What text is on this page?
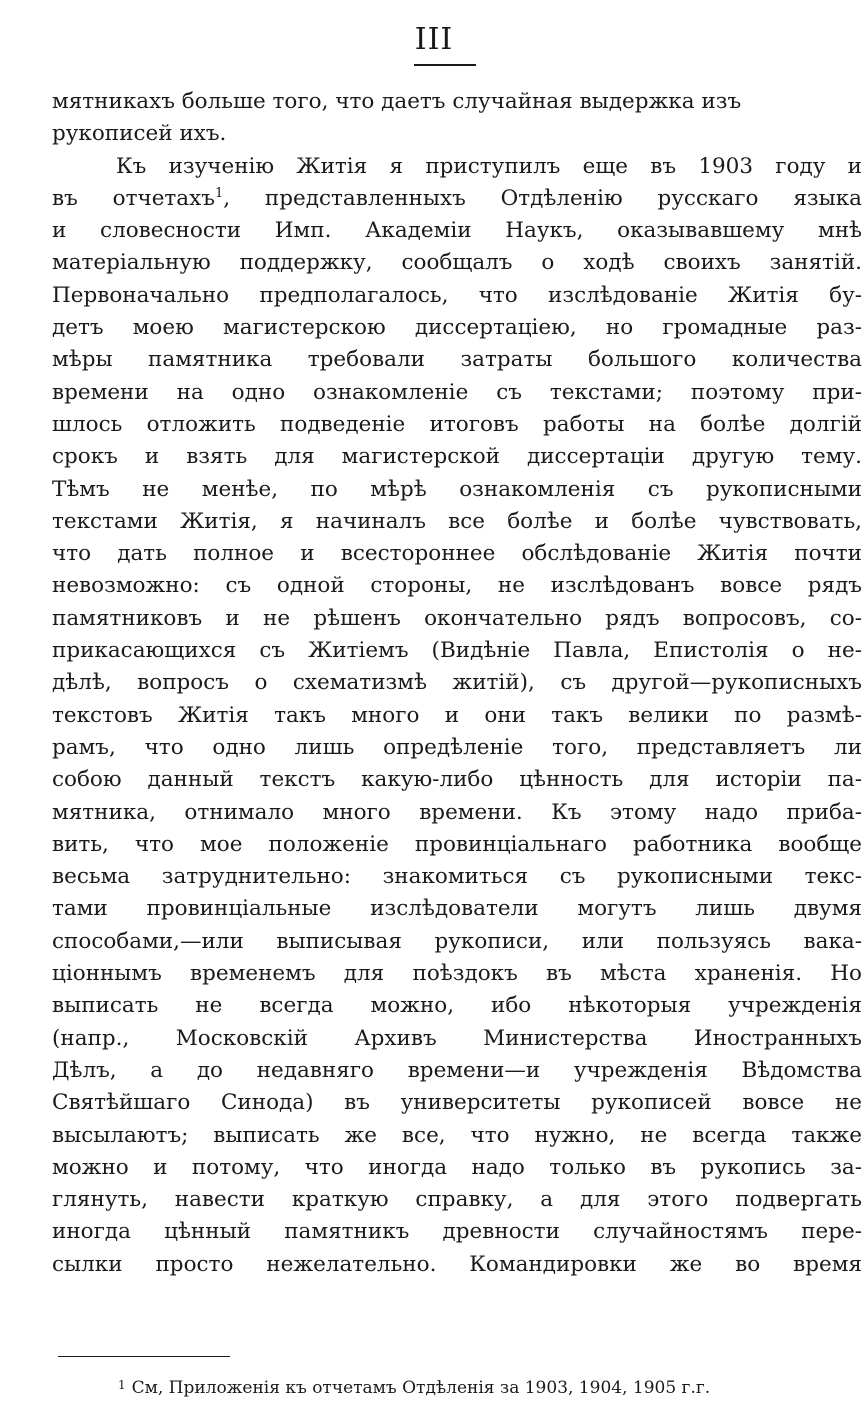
III
мятникахъ больше того, что даетъ случайная выдержка изъ
рукописей ихъ.
Къ изученію Житія я приступилъ еще въ 1903 году и
въ отчетахъ$^1$, представленныхъ Отдѣленію русскаго языка
и словесности Имп. Академіи Наукъ, оказывавшему мнѣ
матеріальную поддержку, сообщалъ о ходѣ своихъ занятій.
Первоначально предполагалось, что изслѣдованіе Житія бу-
детъ моею магистерскою диссертаціею, но громадные раз-
мѣры памятника требовали затраты большого количества
времени на одно ознакомленіе съ текстами; поэтому при-
шлось отложить подведеніе итоговъ работы на болѣе долгій
срокъ и взять для магистерской диссертаціи другую тему.
Тѣмъ не менѣе, по мѣрѣ ознакомленія съ рукописными
текстами Житія, я начиналъ все болѣе и болѣе чувствовать,
что дать полное и всестороннее обслѣдованіе Житія почти
невозможно: съ одной стороны, не изслѣдованъ вовсе рядъ
памятниковъ и не рѣшенъ окончательно рядъ вопросовъ, со-
прикасающихся съ Житіемъ (Видѣніе Павла, Епистолія о не-
дѣлѣ, вопросъ о схематизмѣ житій), съ другой—рукописныхъ
текстовъ Житія такъ много и они такъ велики по размѣ-
рамъ, что одно лишь опредѣленіе того, представляетъ ли
собою данный текстъ какую-либо цѣнность для исторіи па-
мятника, отнимало много времени. Къ этому надо приба-
вить, что мое положеніе провинціальнаго работника вообще
весьма затруднительно: знакомиться съ рукописными текс-
тами провинціальные изслѣдователи могутъ лишь двумя
способами,—или выписывая рукописи, или пользуясь вака-
ціоннымъ временемъ для поѣздокъ въ мѣста храненія. Но
выписать не всегда можно, ибо нѣкоторыя учрежденія
(напр., Московскій Архивъ Министерства Иностранныхъ
Дѣлъ, а до недавняго времени—и учрежденія Вѣдомства
Святѣйшаго Синода) въ университеты рукописей вовсе не
высылаютъ; выписать же все, что нужно, не всегда также
можно и потому, что иногда надо только въ рукопись за-
глянуть, навести краткую справку, а для этого подвергать
иногда цѣнный памятникъ древности случайностямъ пере-
сылки просто нежелательно. Командировки же во время
$^1$ См, Приложенія къ отчетамъ Отдѣленія за 1903, 1904, 1905 г.г.
